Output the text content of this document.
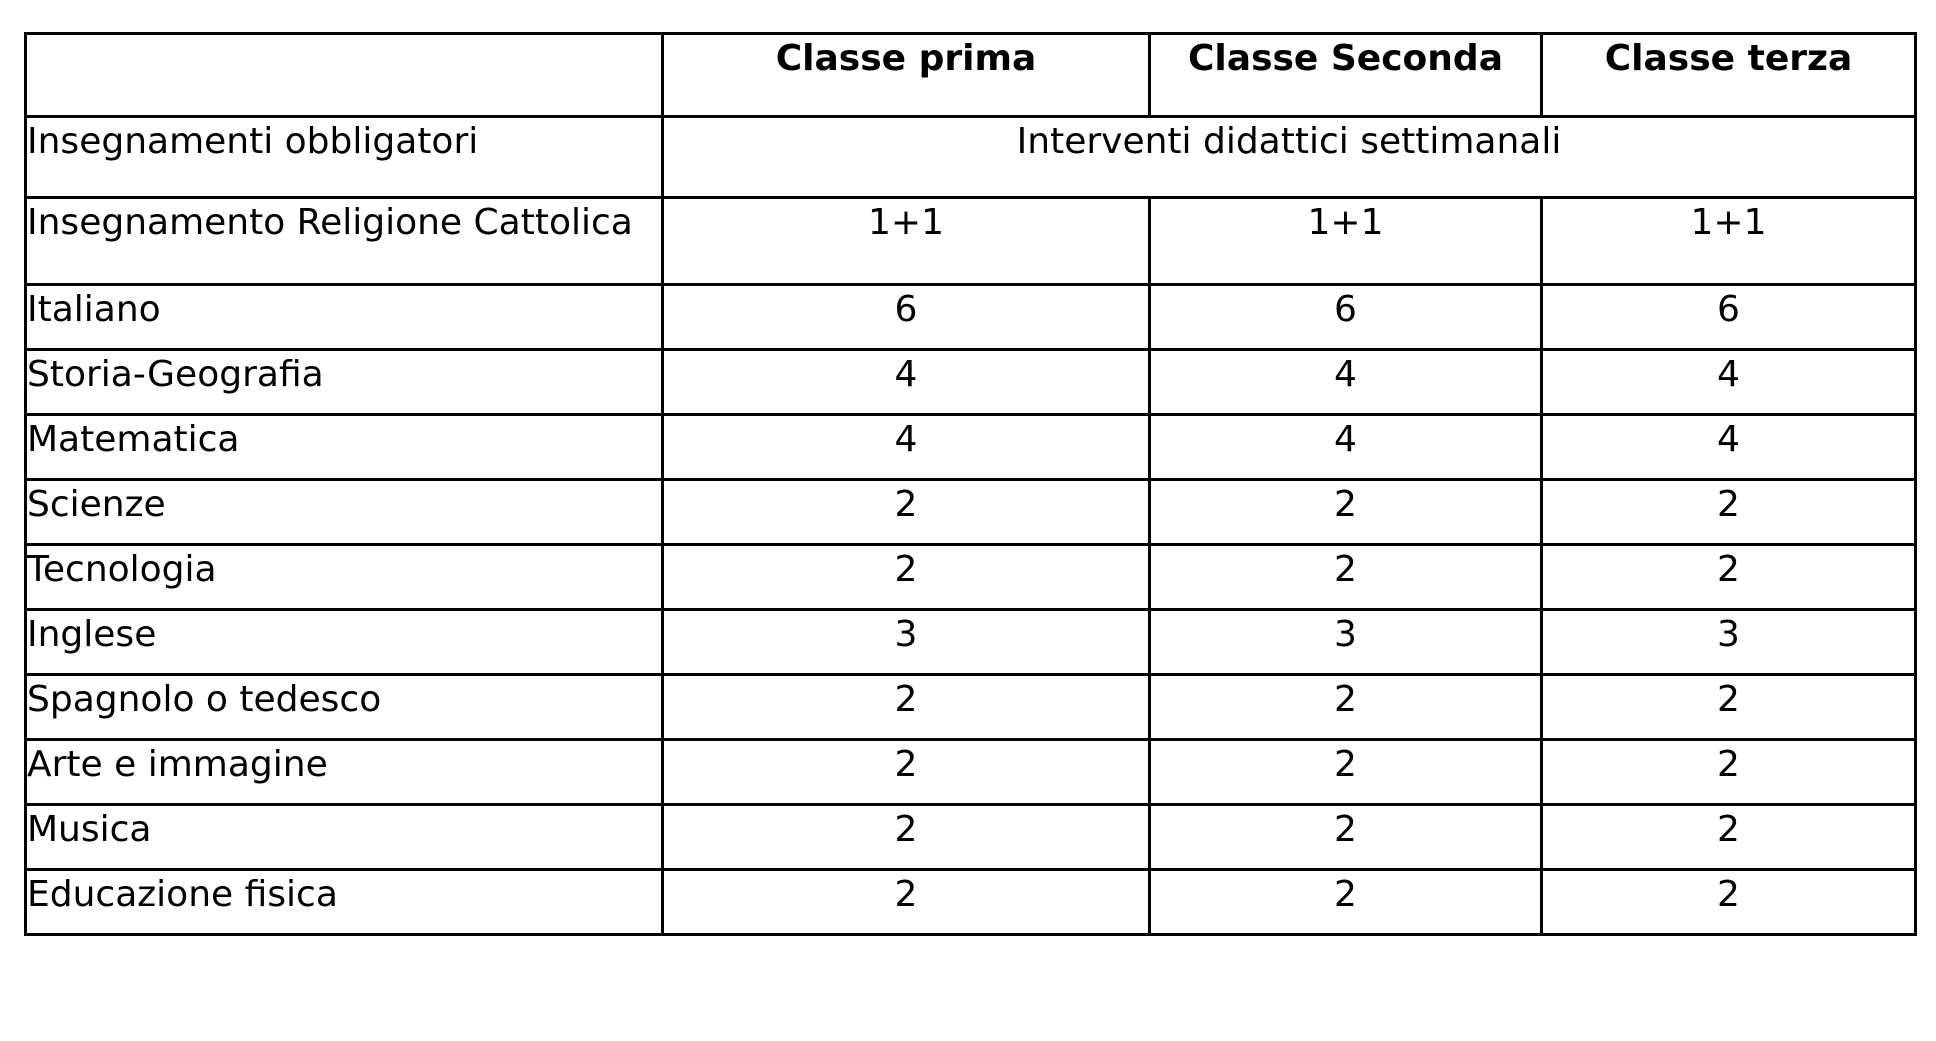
	Classe prima	Classe Seconda	Classe terza
Insegnamenti obbligatori	Interventi didattici settimanali		
Insegnamento Religione Cattolica	1+1	1+1	1+1
Italiano	6	6	6
Storia-Geografia	4	4	4
Matematica	4	4	4
Scienze	2	2	2
Tecnologia	2	2	2
Inglese	3	3	3
Spagnolo o tedesco	2	2	2
Arte e immagine	2	2	2
Musica	2	2	2
Educazione fisica	2	2	2
